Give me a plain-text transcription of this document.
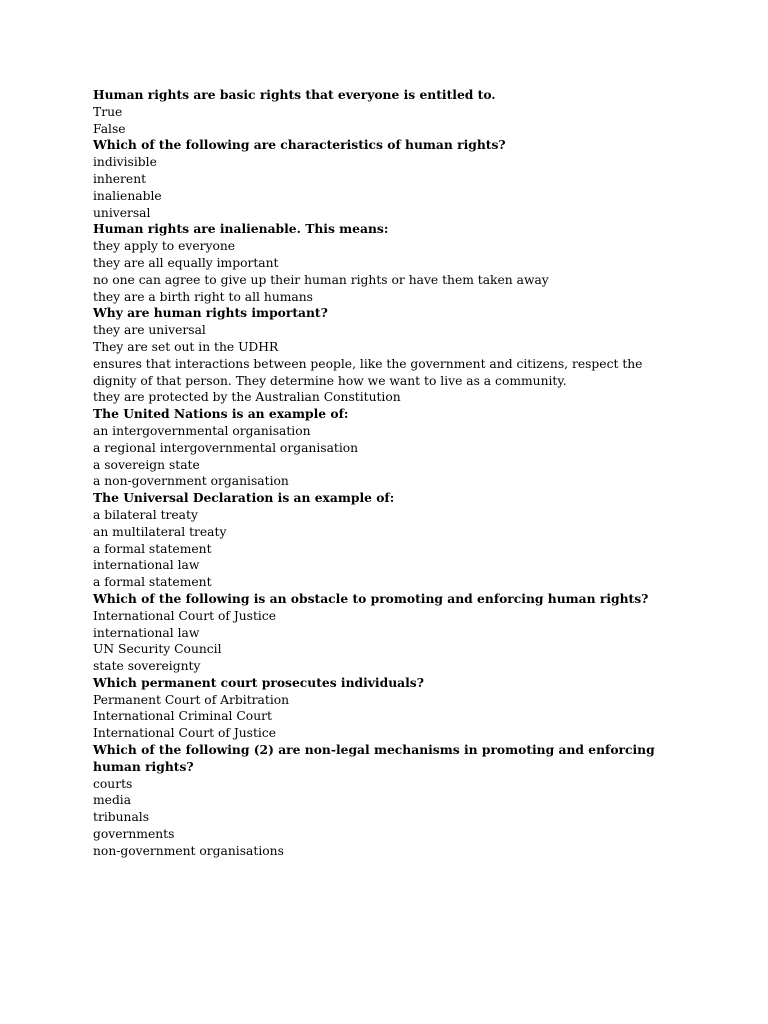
Human rights are basic rights that everyone is entitled to.
True
False
Which of the following are characteristics of human rights?
indivisible
inherent
inalienable
universal
Human rights are inalienable. This means:
they apply to everyone
they are all equally important
no one can agree to give up their human rights or have them taken away
they are a birth right to all humans
Why are human rights important?
they are universal
They are set out in the UDHR
ensures that interactions between people, like the government and citizens, respect the dignity of that person. They determine how we want to live as a community.
they are protected by the Australian Constitution
The United Nations is an example of:
an intergovernmental organisation
a regional intergovernmental organisation
a sovereign state
a non-government organisation
The Universal Declaration is an example of:
a bilateral treaty
an multilateral treaty
a formal statement
international law
a formal statement
Which of the following is an obstacle to promoting and enforcing human rights?
International Court of Justice
international law
UN Security Council
state sovereignty
Which permanent court prosecutes individuals?
Permanent Court of Arbitration
International Criminal Court
International Court of Justice
Which of the following (2) are non-legal mechanisms in promoting and enforcing human rights?
courts
media
tribunals
governments
non-government organisations
